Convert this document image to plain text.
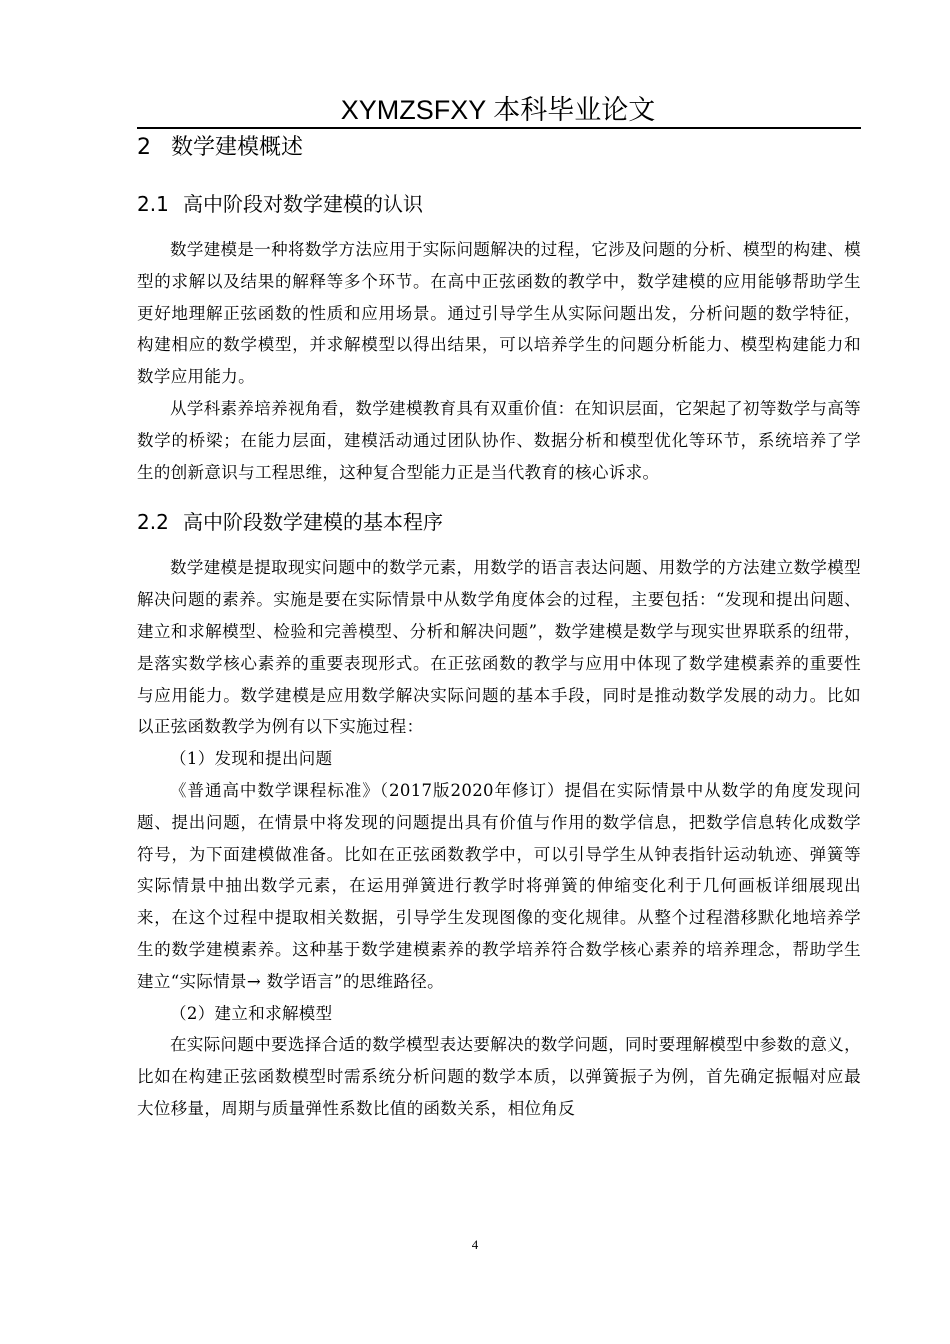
XYMZSFXY 本科毕业论文
2 数学建模概述
2.1 高中阶段对数学建模的认识

数学建模是一种将数学方法应用于实际问题解决的过程，它涉及问题的分析、模型的构建、模型的求解以及结果的解释等多个环节。在高中正弦函数的教学中，数学建模的应用能够帮助学生更好地理解正弦函数的性质和应用场景。通过引导学生从实际问题出发，分析问题的数学特征，构建相应的数学模型，并求解模型以得出结果，可以培养学生的问题分析能力、模型构建能力和数学应用能力。

从学科素养培养视角看，数学建模教育具有双重价值：在知识层面，它架起了初等数学与高等数学的桥梁；在能力层面，建模活动通过团队协作、数据分析和模型优化等环节，系统培养了学生的创新意识与工程思维，这种复合型能力正是当代教育的核心诉求。

2.2 高中阶段数学建模的基本程序

数学建模是提取现实问题中的数学元素，用数学的语言表达问题、用数学的方法建立数学模型解决问题的素养。实施是要在实际情景中从数学角度体会的过程，主要包括：“发现和提出问题、建立和求解模型、检验和完善模型、分析和解决问题”，数学建模是数学与现实世界联系的纽带，是落实数学核心素养的重要表现形式。在正弦函数的教学与应用中体现了数学建模素养的重要性与应用能力。数学建模是应用数学解决实际问题的基本手段，同时是推动数学发展的动力。比如以正弦函数教学为例有以下实施过程：

（1）发现和提出问题

《普通高中数学课程标准》（2017版2020年修订）提倡在实际情景中从数学的角度发现问题、提出问题，在情景中将发现的问题提出具有价值与作用的数学信息，把数学信息转化成数学符号，为下面建模做准备。比如在正弦函数教学中，可以引导学生从钟表指针运动轨迹、弹簧等实际情景中抽出数学元素，在运用弹簧进行教学时将弹簧的伸缩变化利于几何画板详细展现出来，在这个过程中提取相关数据，引导学生发现图像的变化规律。从整个过程潜移默化地培养学生的数学建模素养。这种基于数学建模素养的教学培养符合数学核心素养的培养理念，帮助学生建立“实际情景→ 数学语言”的思维路径。

（2）建立和求解模型

在实际问题中要选择合适的数学模型表达要解决的数学问题，同时要理解模型中参数的意义，比如在构建正弦函数模型时需系统分析问题的数学本质，以弹簧振子为例，首先确定振幅对应最大位移量，周期与质量弹性系数比值的函数关系，相位角反

4
